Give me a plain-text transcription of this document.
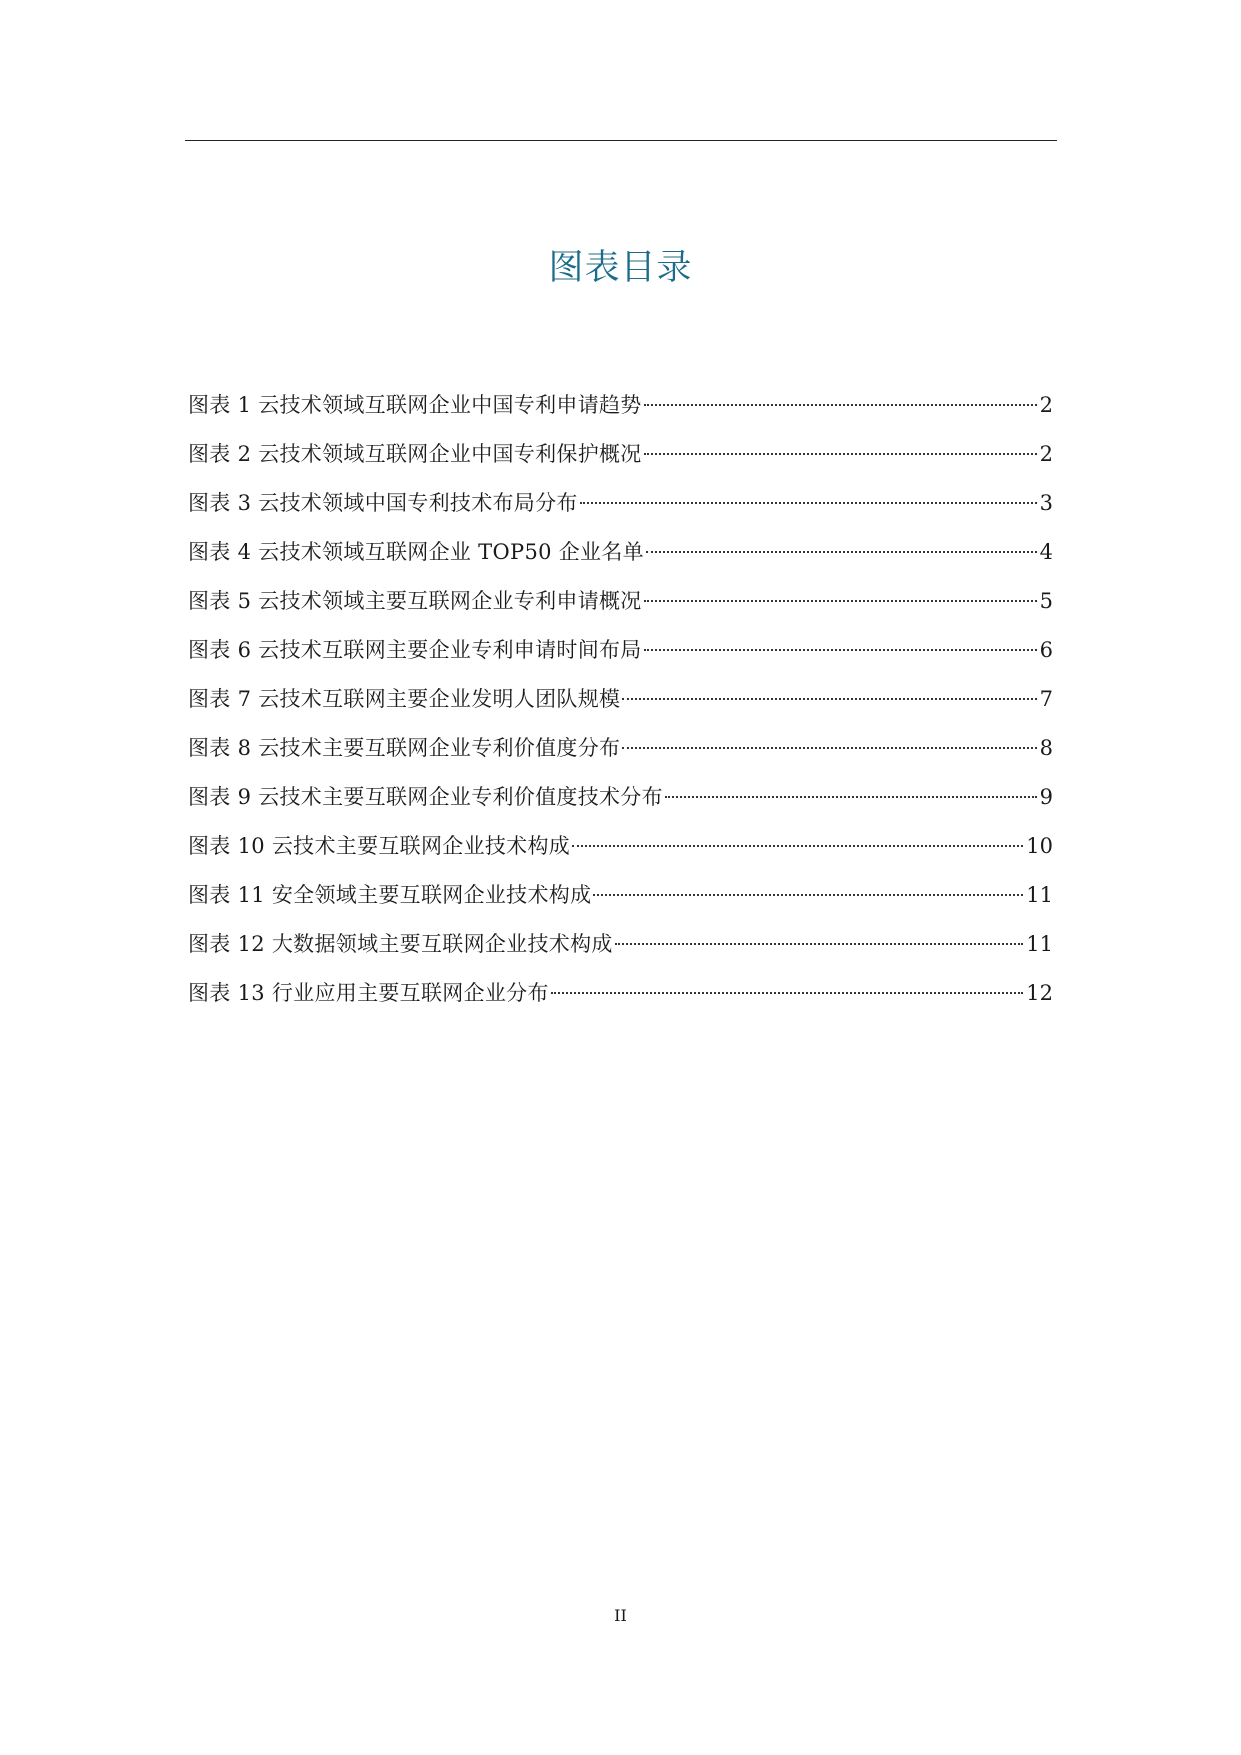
图表目录
图表 1 云技术领域互联网企业中国专利申请趋势	2
图表 2 云技术领域互联网企业中国专利保护概况	2
图表 3 云技术领域中国专利技术布局分布	3
图表 4 云技术领域互联网企业 TOP50 企业名单	4
图表 5 云技术领域主要互联网企业专利申请概况	5
图表 6 云技术互联网主要企业专利申请时间布局	6
图表 7 云技术互联网主要企业发明人团队规模	7
图表 8 云技术主要互联网企业专利价值度分布	8
图表 9 云技术主要互联网企业专利价值度技术分布	9
图表 10 云技术主要互联网企业技术构成	10
图表 11 安全领域主要互联网企业技术构成	11
图表 12 大数据领域主要互联网企业技术构成	11
图表 13 行业应用主要互联网企业分布	12
II
